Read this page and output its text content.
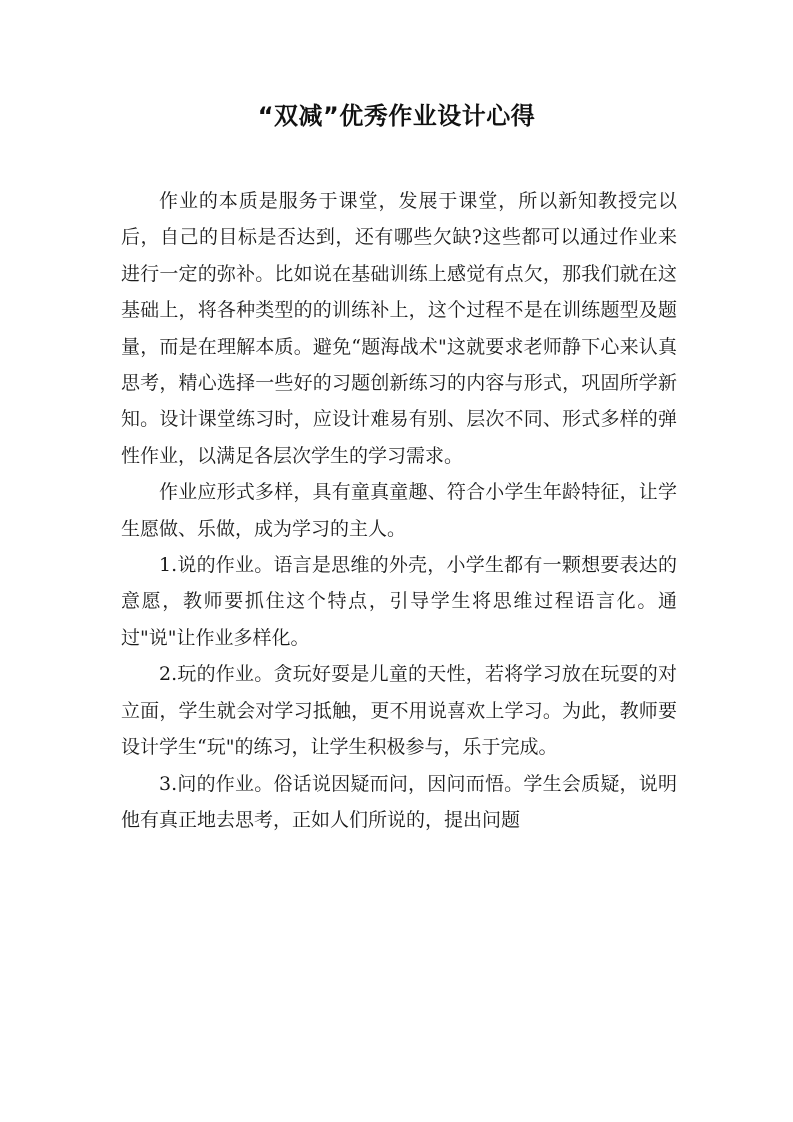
“双减”优秀作业设计心得

作业的本质是服务于课堂，发展于课堂，所以新知教授完以后，自己的目标是否达到，还有哪些欠缺?这些都可以通过作业来进行一定的弥补。比如说在基础训练上感觉有点欠，那我们就在这基础上，将各种类型的的训练补上，这个过程不是在训练题型及题量，而是在理解本质。避免“题海战术"这就要求老师静下心来认真思考，精心选择一些好的习题创新练习的内容与形式，巩固所学新知。设计课堂练习时，应设计难易有别、层次不同、形式多样的弹性作业，以满足各层次学生的学习需求。

作业应形式多样，具有童真童趣、符合小学生年龄特征，让学生愿做、乐做，成为学习的主人。

1.说的作业。语言是思维的外壳，小学生都有一颗想要表达的意愿，教师要抓住这个特点，引导学生将思维过程语言化。通过"说"让作业多样化。

2.玩的作业。贪玩好耍是儿童的天性，若将学习放在玩耍的对立面，学生就会对学习抵触，更不用说喜欢上学习。为此，教师要设计学生“玩"的练习，让学生积极参与，乐于完成。

3.问的作业。俗话说因疑而问，因问而悟。学生会质疑，说明他有真正地去思考，正如人们所说的，提出问题
